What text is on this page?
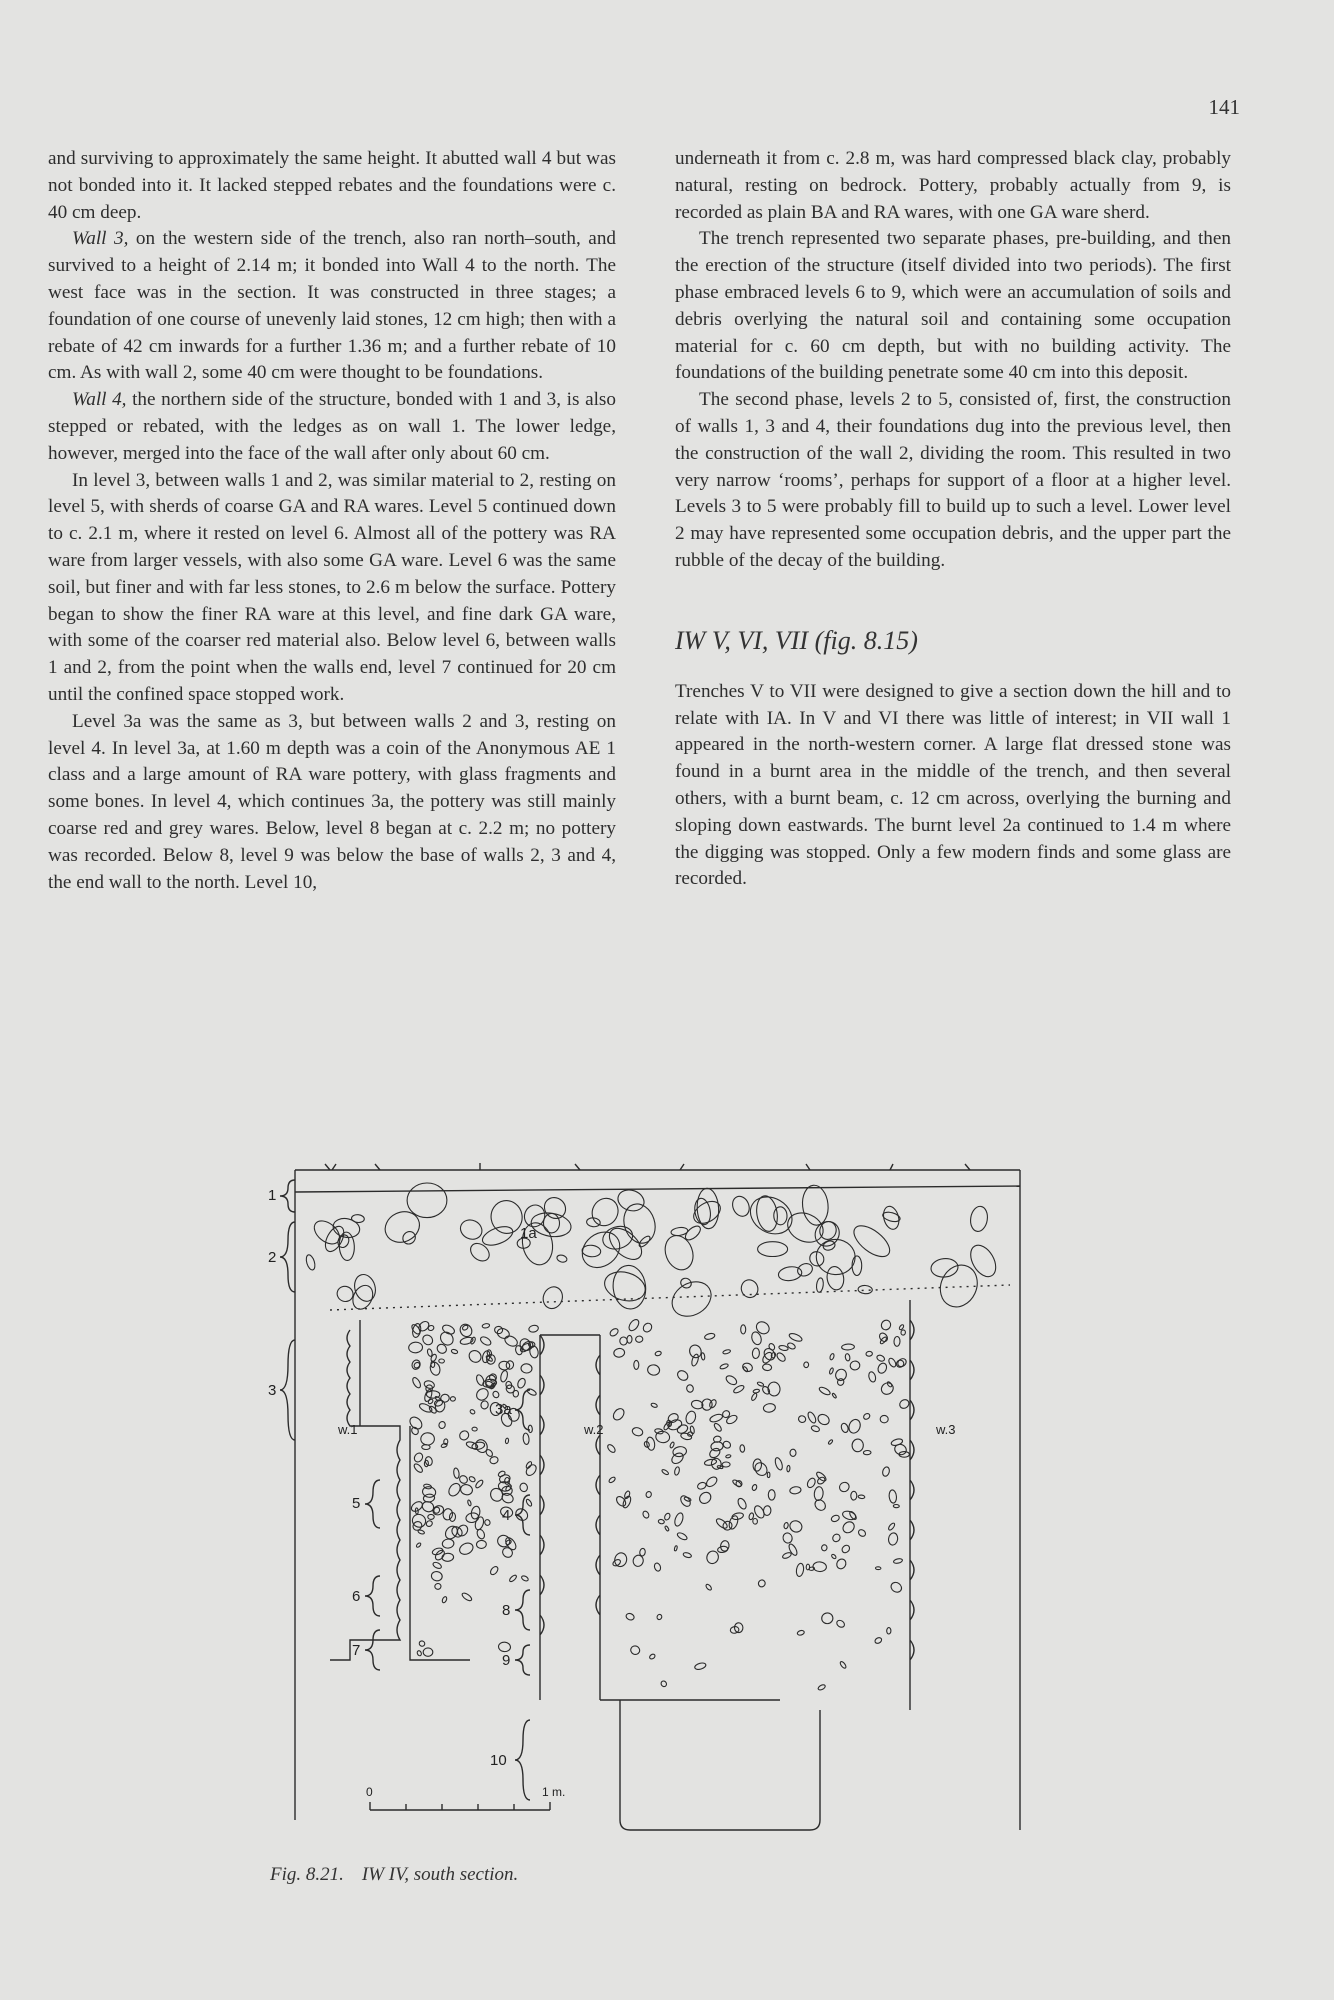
141

and surviving to approximately the same height. It abutted wall 4 but was not bonded into it. It lacked stepped rebates and the foundations were c. 40 cm deep.

Wall 3, on the western side of the trench, also ran north–south, and survived to a height of 2.14 m; it bonded into Wall 4 to the north. The west face was in the section. It was constructed in three stages; a foundation of one course of unevenly laid stones, 12 cm high; then with a rebate of 42 cm inwards for a further 1.36 m; and a further rebate of 10 cm. As with wall 2, some 40 cm were thought to be foundations.

Wall 4, the northern side of the structure, bonded with 1 and 3, is also stepped or rebated, with the ledges as on wall 1. The lower ledge, however, merged into the face of the wall after only about 60 cm.

In level 3, between walls 1 and 2, was similar material to 2, resting on level 5, with sherds of coarse GA and RA wares. Level 5 continued down to c. 2.1 m, where it rested on level 6. Almost all of the pottery was RA ware from larger vessels, with also some GA ware. Level 6 was the same soil, but finer and with far less stones, to 2.6 m below the surface. Pottery began to show the finer RA ware at this level, and fine dark GA ware, with some of the coarser red material also. Below level 6, between walls 1 and 2, from the point when the walls end, level 7 continued for 20 cm until the confined space stopped work.

Level 3a was the same as 3, but between walls 2 and 3, resting on level 4. In level 3a, at 1.60 m depth was a coin of the Anonymous AE 1 class and a large amount of RA ware pottery, with glass fragments and some bones. In level 4, which continues 3a, the pottery was still mainly coarse red and grey wares. Below, level 8 began at c. 2.2 m; no pottery was recorded. Below 8, level 9 was below the base of walls 2, 3 and 4, the end wall to the north. Level 10,

underneath it from c. 2.8 m, was hard compressed black clay, probably natural, resting on bedrock. Pottery, probably actually from 9, is recorded as plain BA and RA wares, with one GA ware sherd.

The trench represented two separate phases, pre-building, and then the erection of the structure (itself divided into two periods). The first phase embraced levels 6 to 9, which were an accumulation of soils and debris overlying the natural soil and containing some occupation material for c. 60 cm depth, but with no building activity. The foundations of the building penetrate some 40 cm into this deposit.

The second phase, levels 2 to 5, consisted of, first, the construction of walls 1, 3 and 4, their foundations dug into the previous level, then the construction of the wall 2, dividing the room. This resulted in two very narrow ‘rooms’, perhaps for support of a floor at a higher level. Levels 3 to 5 were probably fill to build up to such a level. Lower level 2 may have represented some occupation debris, and the upper part the rubble of the decay of the building.

IW V, VI, VII (fig. 8.15)

Trenches V to VII were designed to give a section down the hill and to relate with IA. In V and VI there was little of interest; in VII wall 1 appeared in the north-western corner. A large flat dressed stone was found in a burnt area in the middle of the trench, and then several others, with a burnt beam, c. 12 cm across, overlying the burning and sloping down eastwards. The burnt level 2a continued to 1.4 m where the digging was stopped. Only a few modern finds and some glass are recorded.

1
2
3
5
6
7
3a
4
8
9
10
1a
w.1	w.2	w.3
0	1 m.
Fig. 8.21. IW IV, south section.
